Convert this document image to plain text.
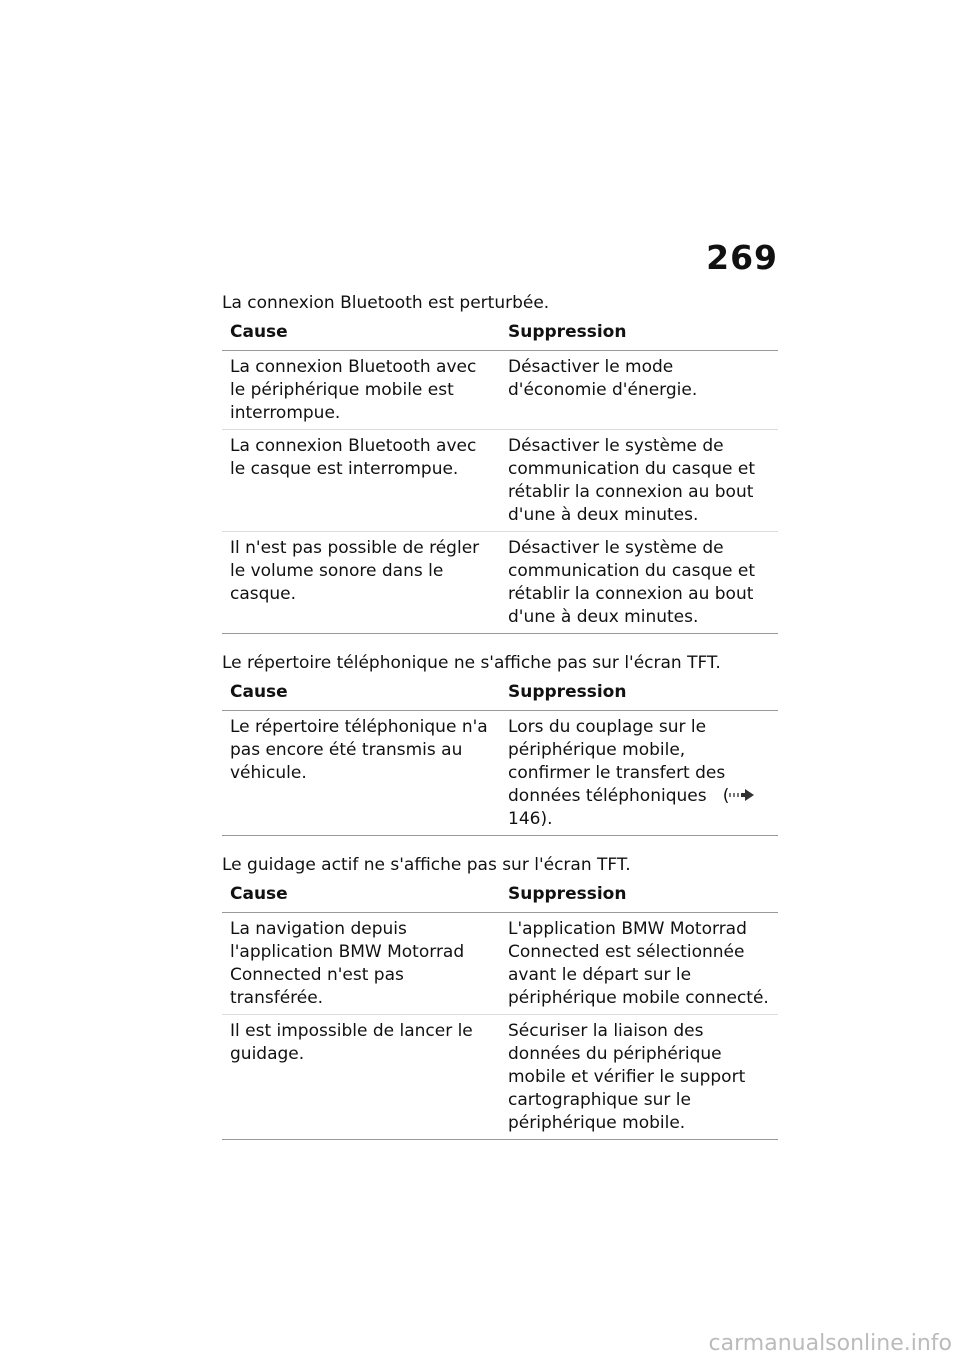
269

La connexion Bluetooth est perturbée.

Cause	Suppression
La connexion Bluetooth avec le périphérique mobile est interrompue.	Désactiver le mode d'économie d'énergie.
La connexion Bluetooth avec le casque est interrompue.	Désactiver le système de communication du casque et rétablir la connexion au bout d'une à deux minutes.
Il n'est pas possible de régler le volume sonore dans le casque.	Désactiver le système de communication du casque et rétablir la connexion au bout d'une à deux minutes.

Le répertoire téléphonique ne s'affiche pas sur l'écran TFT.

Cause	Suppression
Le répertoire téléphonique n'a pas encore été transmis au véhicule.	Lors du couplage sur le périphérique mobile, confirmer le transfert des données téléphoniques (146).

Le guidage actif ne s'affiche pas sur l'écran TFT.

Cause	Suppression
La navigation depuis l'application BMW Motorrad Connected n'est pas transférée.	L'application BMW Motorrad Connected est sélectionnée avant le départ sur le périphérique mobile connecté.
Il est impossible de lancer le guidage.	Sécuriser la liaison des données du périphérique mobile et vérifier le support cartographique sur le périphérique mobile.
carmanualsonline.info
